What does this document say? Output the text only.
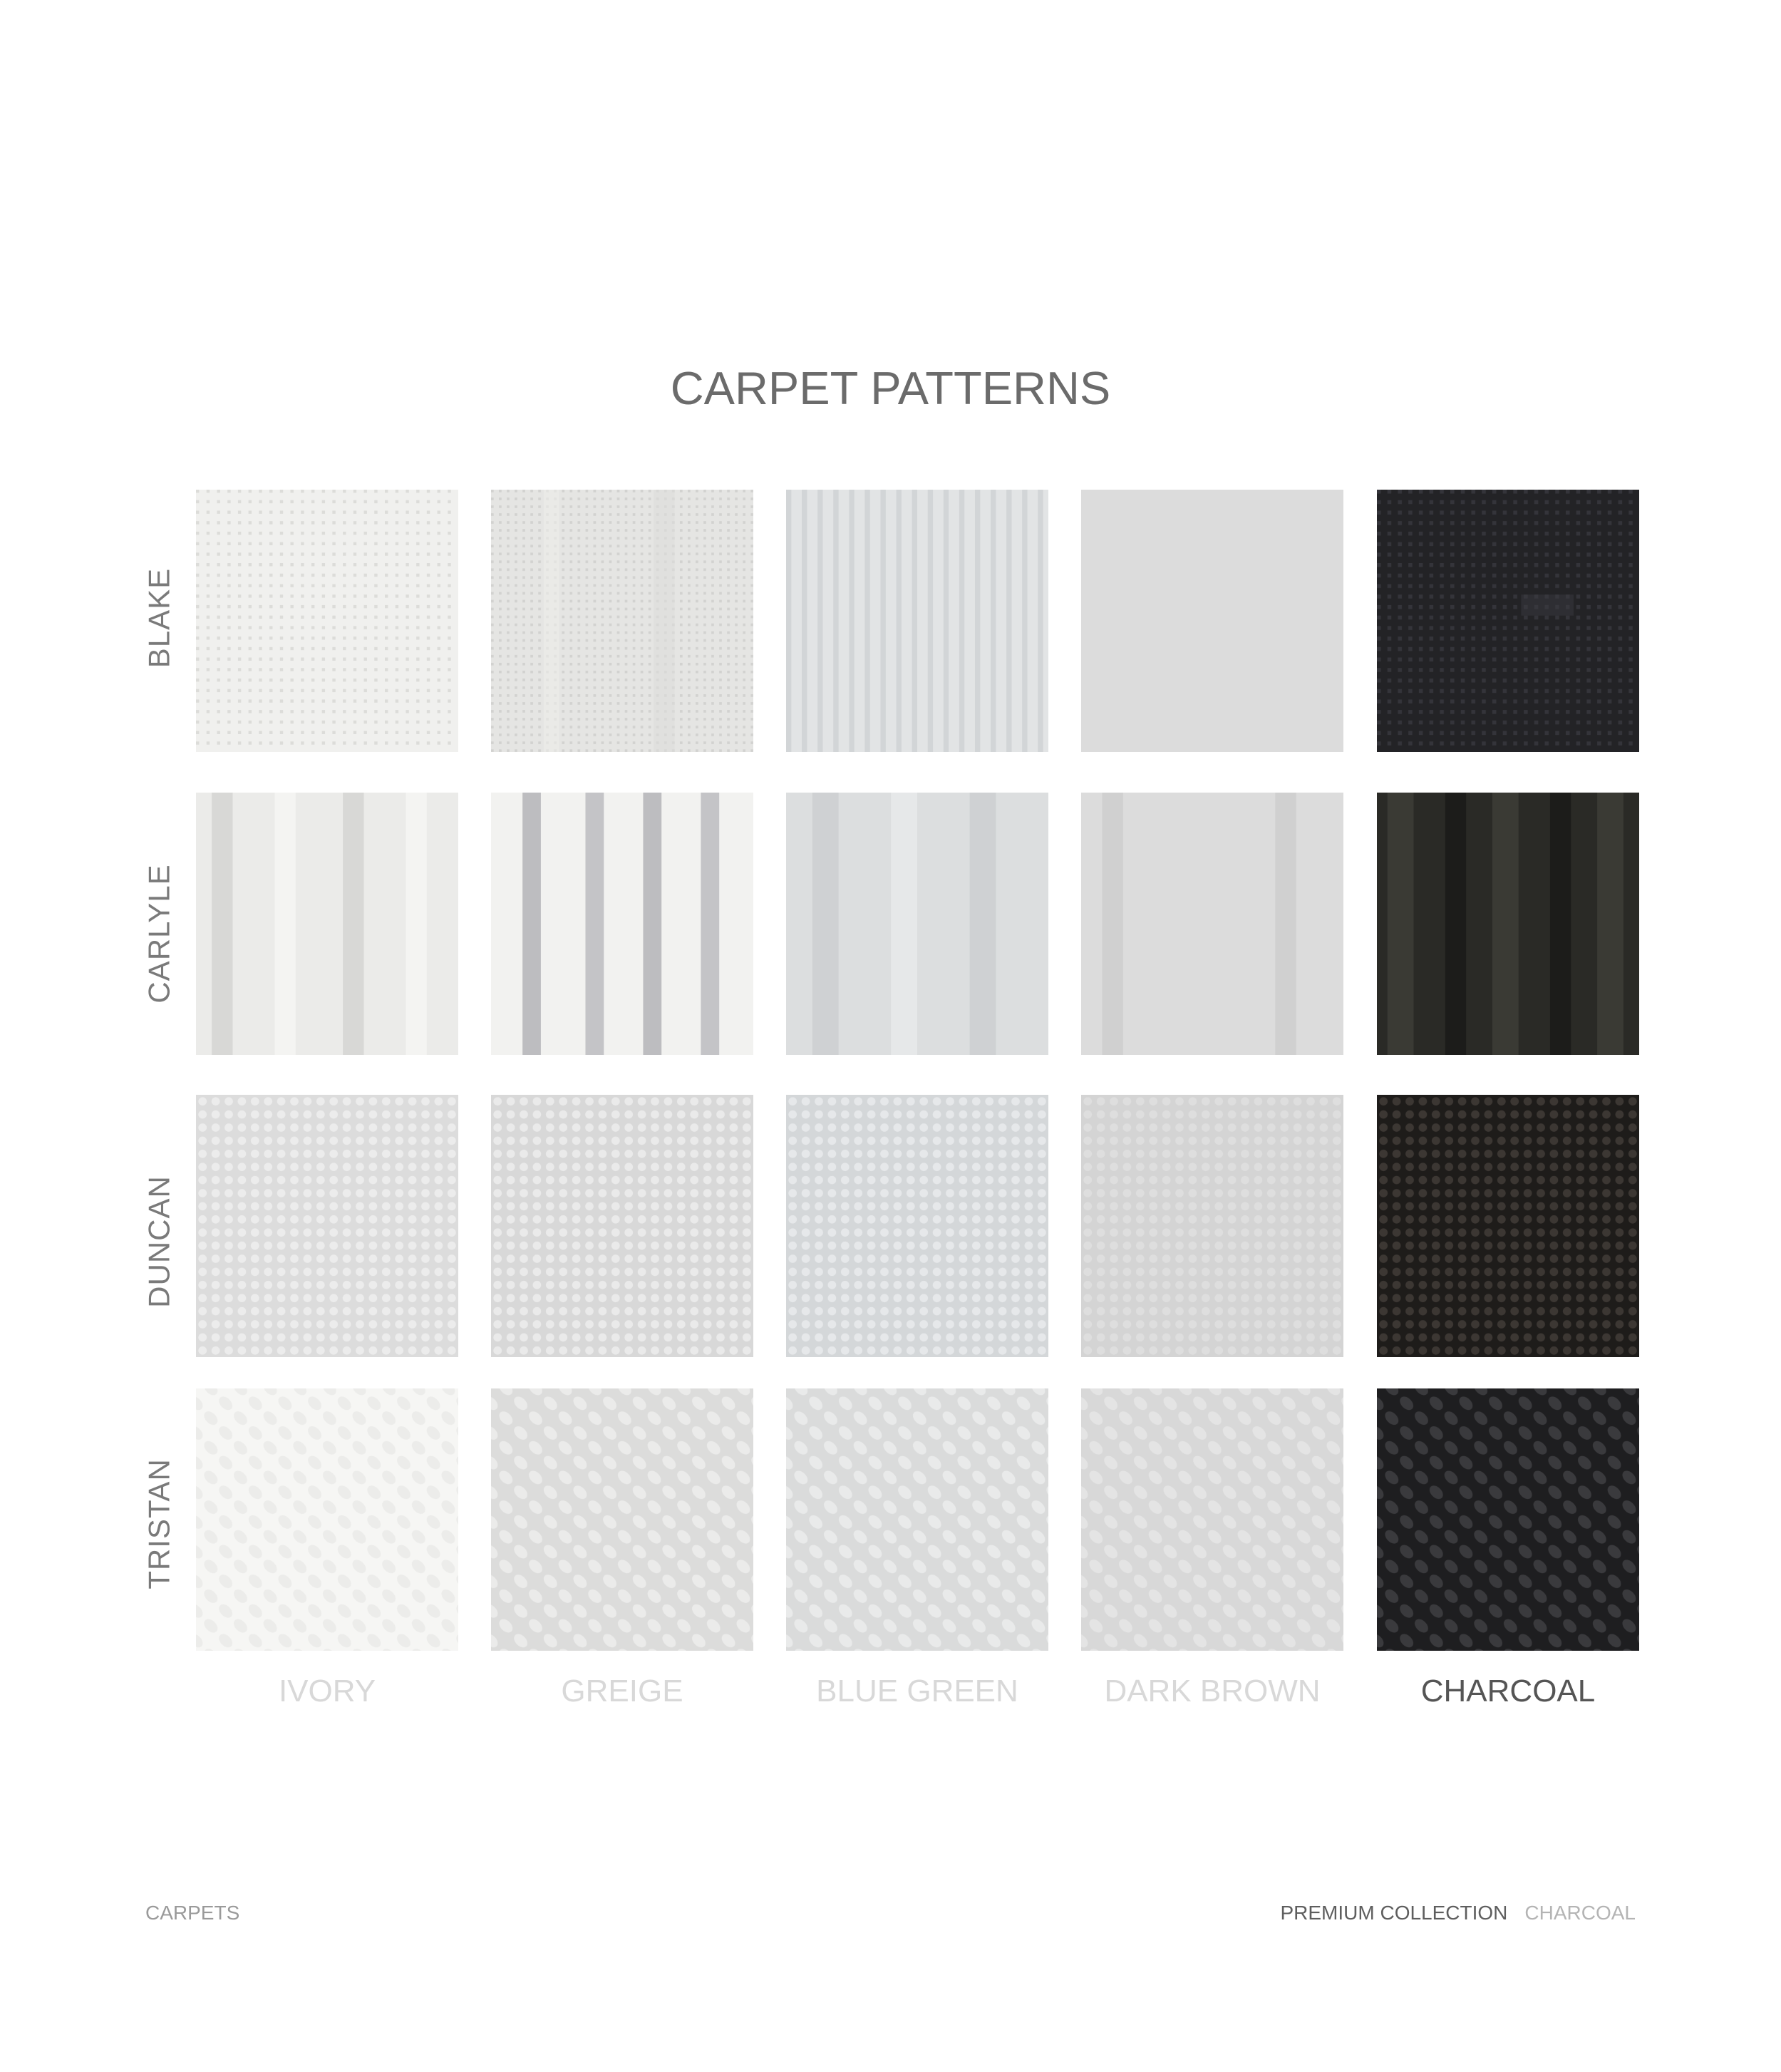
CARPET PATTERNS
BLAKE
CARLYLE
DUNCAN
TRISTAN
IVORY	GREIGE	BLUE GREEN	DARK BROWN	CHARCOAL
CARPETS	PREMIUM COLLECTION CHARCOAL
